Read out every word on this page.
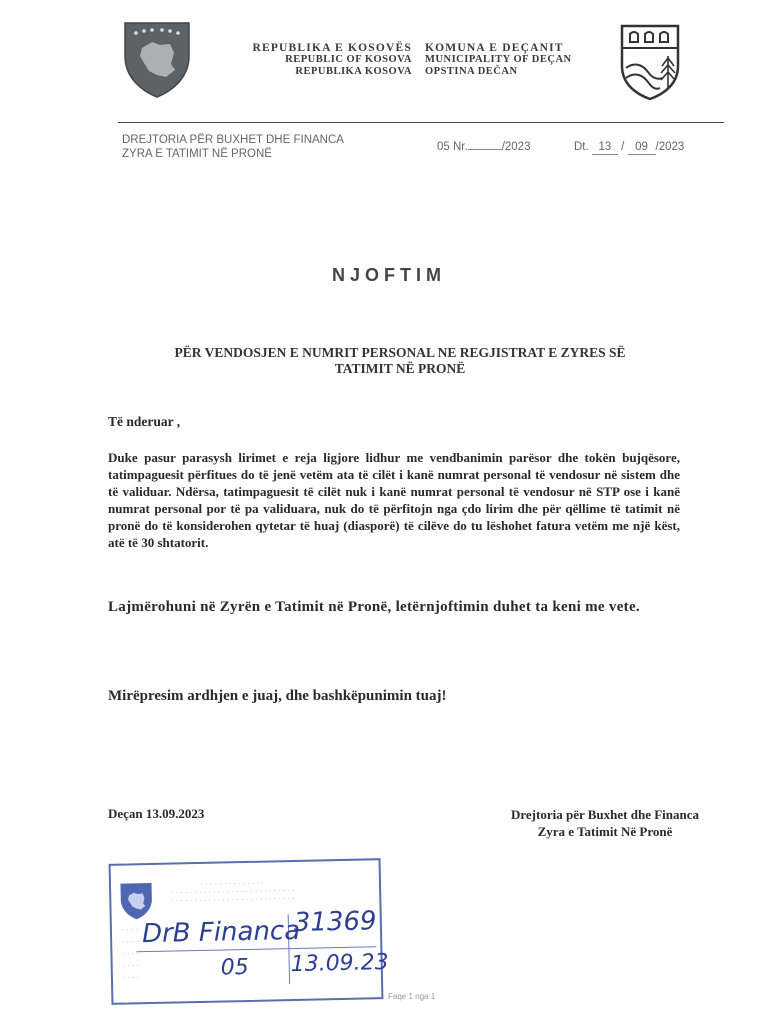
REPUBLIKA E KOSOVËS
REPUBLIC OF KOSOVA
REPUBLIKA KOSOVA
KOMUNA E DEÇANIT
MUNICIPALITY OF DEÇAN
OPSTINA DEČAN
DREJTORIA PËR BUXHET DHE FINANCA
ZYRA E TATIMIT NË PRONË
05 Nr.	/2023	Dt. 13 / 09 /2023
NJOFTIM
PËR VENDOSJEN E NUMRIT PERSONAL NE REGJISTRAT E ZYRES SË
TATIMIT NË PRONË
Të nderuar ,
Duke pasur parasysh lirimet e reja ligjore lidhur me vendbanimin parësor dhe tokën bujqësore, tatimpaguesit përfitues do të jenë vetëm ata të cilët i kanë numrat personal të vendosur në sistem dhe të validuar. Ndërsa, tatimpaguesit të cilët nuk i kanë numrat personal të vendosur në STP ose i kanë numrat personal por të pa validuara, nuk do të përfitojn nga çdo lirim dhe për qëllime të tatimit në pronë do të konsiderohen qytetar të huaj (diasporë) të cilëve do tu lëshohet fatura vetëm me një këst, atë të 30 shtatorit.
Lajmërohuni në Zyrën e Tatimit në Pronë, letërnjoftimin duhet ta keni me vete.
Mirëpresim ardhjen e juaj, dhe bashkëpunimin tuaj!
Deçan 13.09.2023	Drejtoria për Buxhet dhe Financa
Zyra e Tatimit Në Pronë
· · · · · · · · · · · · · ·
· · · · · · · · · · · · · · · · · · · · · · · · · · ·
· · · · · · · · · · · · · · · · · · · · · · · · · · ·
· · · ·
· · · ·
· · · ·
· · · ·
· · · ·
DrB Financa
31369
05 13.09.23
Faqe 1 nga 1
